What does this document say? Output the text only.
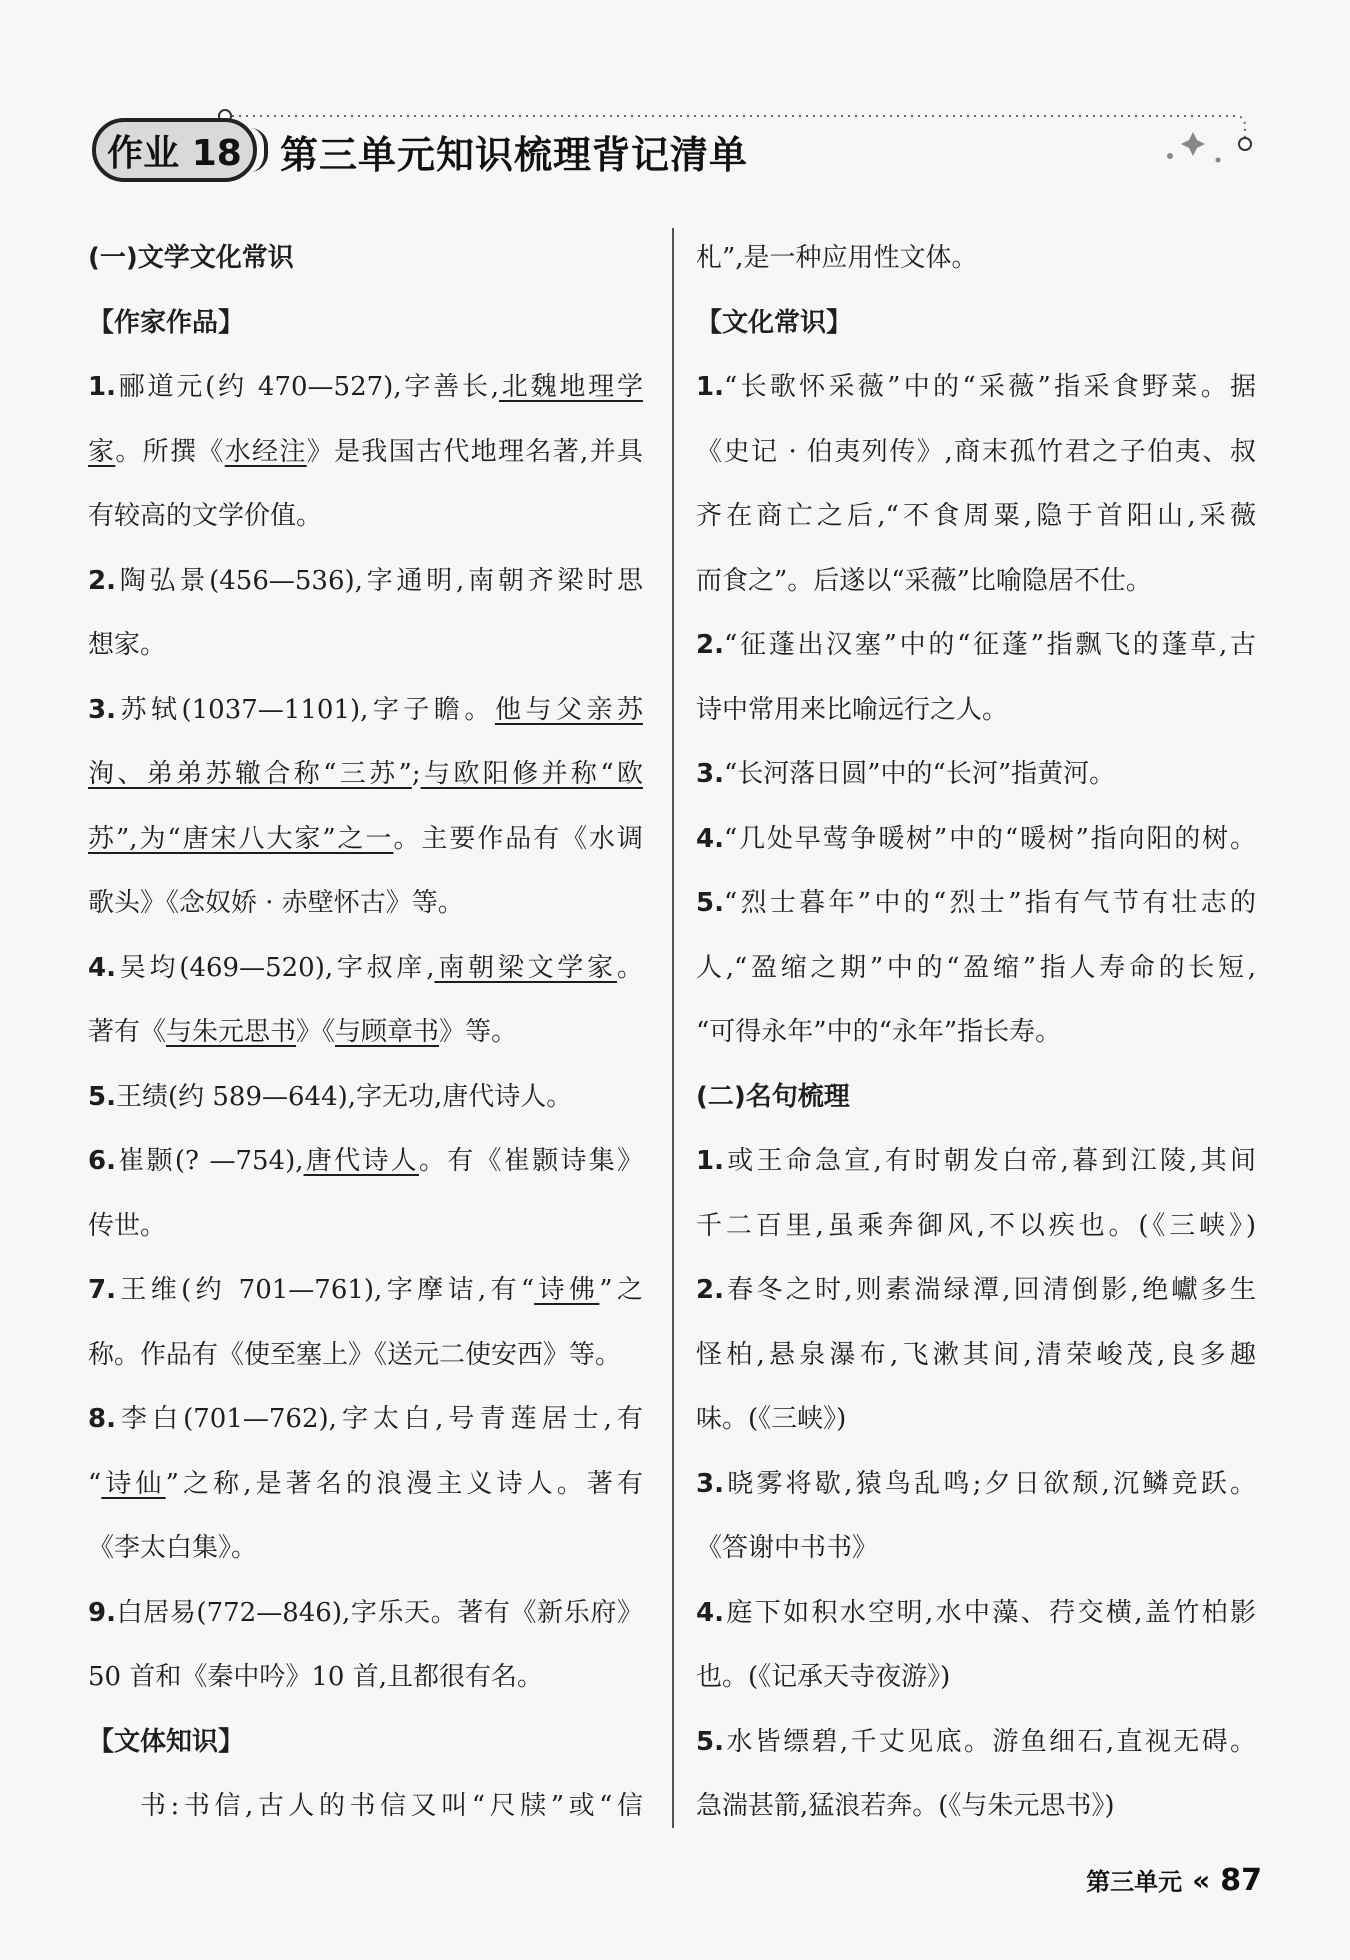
作业 18	第三单元知识梳理背记清单
(一)文学文化常识
【作家作品】
1.郦道元(约 470—527),字善长,北魏地理学
家。所撰《水经注》是我国古代地理名著,并具
有较高的文学价值。
2.陶弘景(456—536),字通明,南朝齐梁时思
想家。
3.苏轼(1037—1101),字子瞻。他与父亲苏
洵、弟弟苏辙合称“三苏”;与欧阳修并称“欧
苏”,为“唐宋八大家”之一。主要作品有《水调
歌头》《念奴娇 · 赤壁怀古》等。
4.吴均(469—520),字叔庠,南朝梁文学家。
著有《与朱元思书》《与顾章书》等。
5.王绩(约 589—644),字无功,唐代诗人。
6.崔颢(? —754),唐代诗人。有《崔颢诗集》
传世。
7.王维(约 701—761),字摩诘,有“诗佛”之
称。作品有《使至塞上》《送元二使安西》等。
8.李白(701—762),字太白,号青莲居士,有
“诗仙”之称,是著名的浪漫主义诗人。著有
《李太白集》。
9.白居易(772—846),字乐天。著有《新乐府》
50 首和《秦中吟》10 首,且都很有名。
【文体知识】
书:书信,古人的书信又叫“尺牍”或“信
札”,是一种应用性文体。
【文化常识】
1.“长歌怀采薇”中的“采薇”指采食野菜。据
《史记 · 伯夷列传》,商末孤竹君之子伯夷、叔
齐在商亡之后,“不食周粟,隐于首阳山,采薇
而食之”。后遂以“采薇”比喻隐居不仕。
2.“征蓬出汉塞”中的“征蓬”指飘飞的蓬草,古
诗中常用来比喻远行之人。
3.“长河落日圆”中的“长河”指黄河。
4.“几处早莺争暖树”中的“暖树”指向阳的树。
5.“烈士暮年”中的“烈士”指有气节有壮志的
人,“盈缩之期”中的“盈缩”指人寿命的长短,
“可得永年”中的“永年”指长寿。
(二)名句梳理
1.或王命急宣,有时朝发白帝,暮到江陵,其间
千二百里,虽乘奔御风,不以疾也。(《三峡》)
2.春冬之时,则素湍绿潭,回清倒影,绝巘多生
怪柏,悬泉瀑布,飞漱其间,清荣峻茂,良多趣
味。(《三峡》)
3.晓雾将歇,猿鸟乱鸣;夕日欲颓,沉鳞竞跃。
《答谢中书书》
4.庭下如积水空明,水中藻、荇交横,盖竹柏影
也。(《记承天寺夜游》)
5.水皆缥碧,千丈见底。游鱼细石,直视无碍。
急湍甚箭,猛浪若奔。(《与朱元思书》)
第三单元 « 87
